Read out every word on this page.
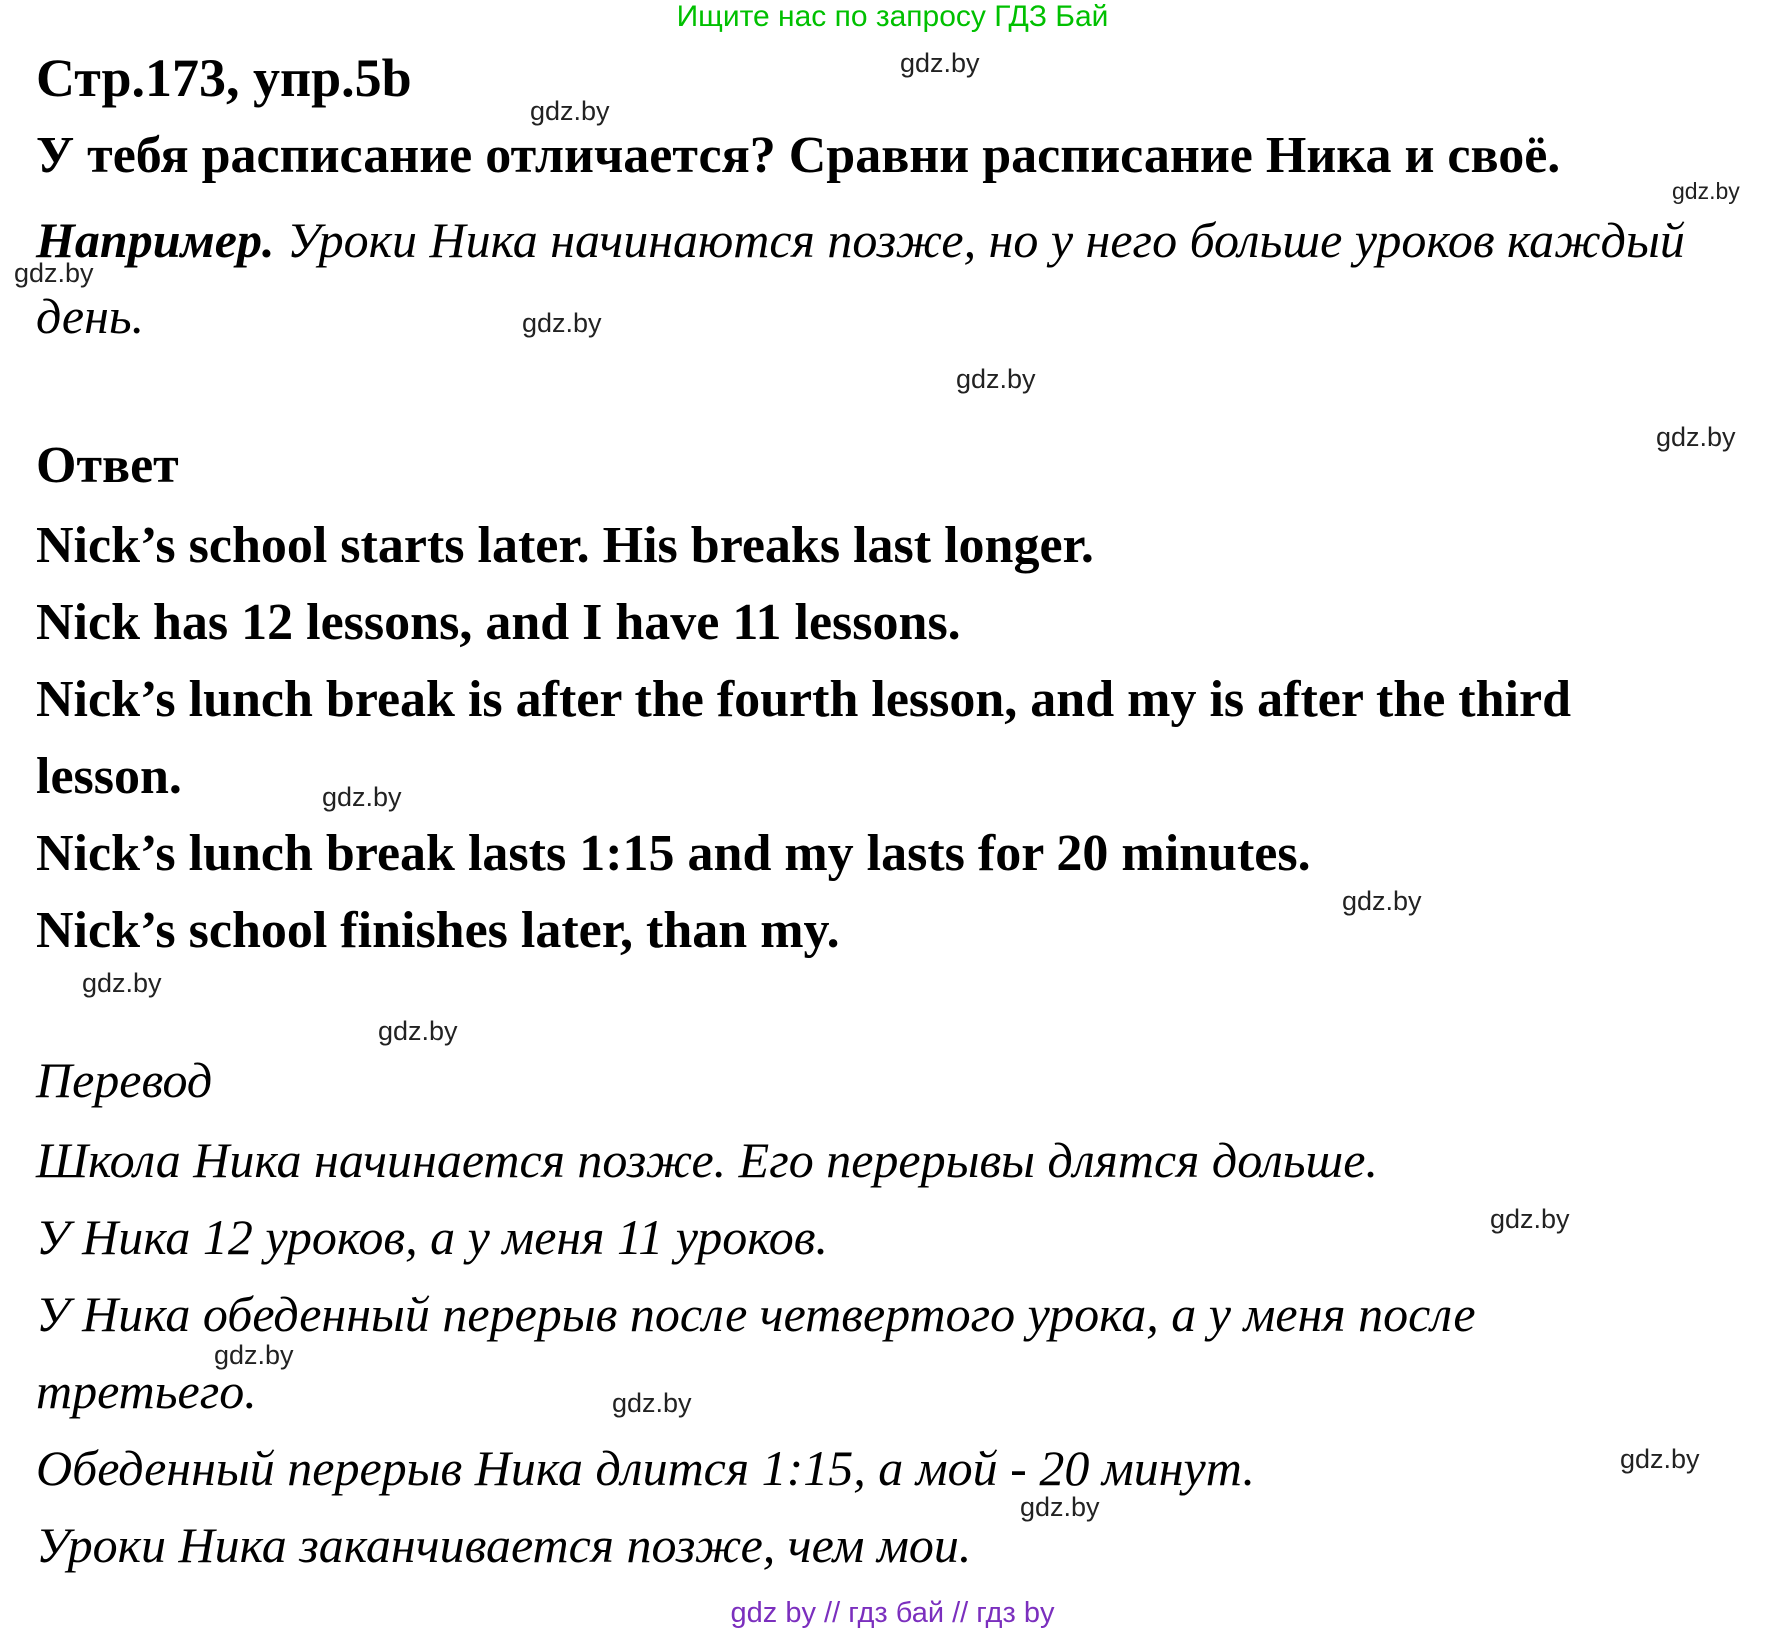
Ищите нас по запросу ГДЗ Бай
Стр.173, упр.5b
У тебя расписание отличается? Сравни расписание Ника и своё.
Например. Уроки Ника начинаются позже, но у него больше уроков каждый день.
Ответ
Nick’s school starts later. His breaks last longer.
Nick has 12 lessons, and I have 11 lessons.
Nick’s lunch break is after the fourth lesson, and my is after the third
lesson.
Nick’s lunch break lasts 1:15 and my lasts for 20 minutes.
Nick’s school finishes later, than my.
Перевод
Школа Ника начинается позже. Его перерывы длятся дольше.
У Ника 12 уроков, а у меня 11 уроков.
У Ника обеденный перерыв после четвертого урока, а у меня после
третьего.
Обеденный перерыв Ника длится 1:15, а мой - 20 минут.
Уроки Ника заканчивается позже, чем мои.
gdz.by
gdz.by
gdz.by
gdz.by
gdz.by
gdz.by
gdz.by
gdz.by
gdz.by
gdz.by
gdz.by
gdz.by
gdz.by
gdz.by
gdz.by
gdz.by
gdz by // гдз бай // гдз by
